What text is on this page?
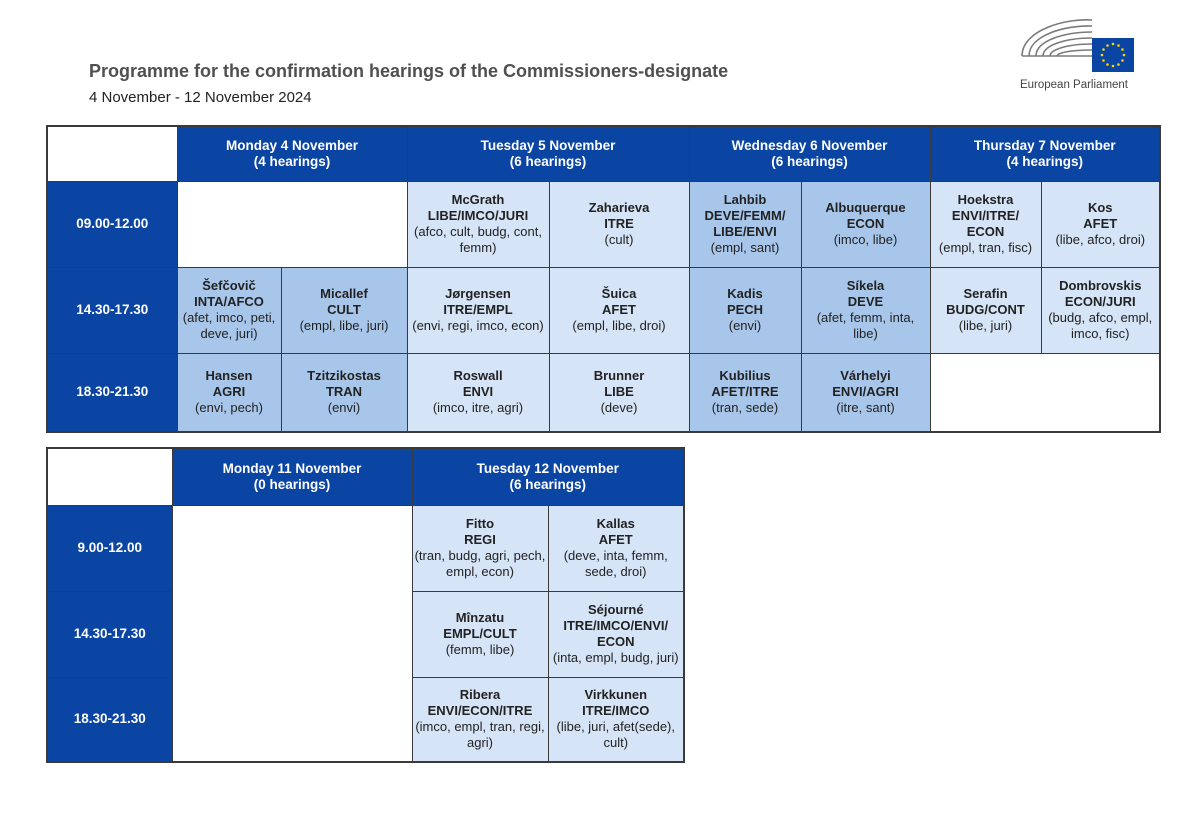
Programme for the confirmation hearings of the Commissioners-designate
4 November - 12 November 2024
European Parliament
	Monday 4 November
(4 hearings)		Tuesday 5 November
(6 hearings)		Wednesday 6 November
(6 hearings)		Thursday 7 November
(4 hearings)	
09.00-12.00			McGrath
LIBE/IMCO/JURI
(afco, cult, budg, cont, femm)	Zaharieva
ITRE
(cult)	Lahbib
DEVE/FEMM/ LIBE/ENVI
(empl, sant)	Albuquerque
ECON
(imco, libe)	Hoekstra
ENVI/ITRE/ ECON
(empl, tran, fisc)	Kos
AFET
(libe, afco, droi)

14.30-17.30	Šefčovič
INTA/AFCO
(afet, imco, peti, deve, juri)	Micallef
CULT
(empl, libe, juri)	Jørgensen
ITRE/EMPL
(envi, regi, imco, econ)	Šuica
AFET
(empl, libe, droi)	Kadis
PECH
(envi)	Síkela
DEVE
(afet, femm, inta, libe)	Serafin
BUDG/CONT
(libe, juri)	Dombrovskis
ECON/JURI
(budg, afco, empl, imco, fisc)

18.30-21.30	Hansen
AGRI
(envi, pech)	Tzitzikostas
TRAN
(envi)	Roswall
ENVI
(imco, itre, agri)	Brunner
LIBE
(deve)	Kubilius
AFET/ITRE
(tran, sede)	Várhelyi
ENVI/AGRI
(itre, sant)		

	Monday 11 November
(0 hearings)	Tuesday 12 November
(6 hearings)	
9.00-12.00		Fitto
REGI
(tran, budg, agri, pech, empl, econ)	Kallas
AFET
(deve, inta, femm, sede, droi)

14.30-17.30		Mînzatu
EMPL/CULT
(femm, libe)	Séjourné
ITRE/IMCO/ENVI/ ECON
(inta, empl, budg, juri)

18.30-21.30		Ribera
ENVI/ECON/ITRE
(imco, empl, tran, regi, agri)	Virkkunen
ITRE/IMCO
(libe, juri, afet(sede), cult)
